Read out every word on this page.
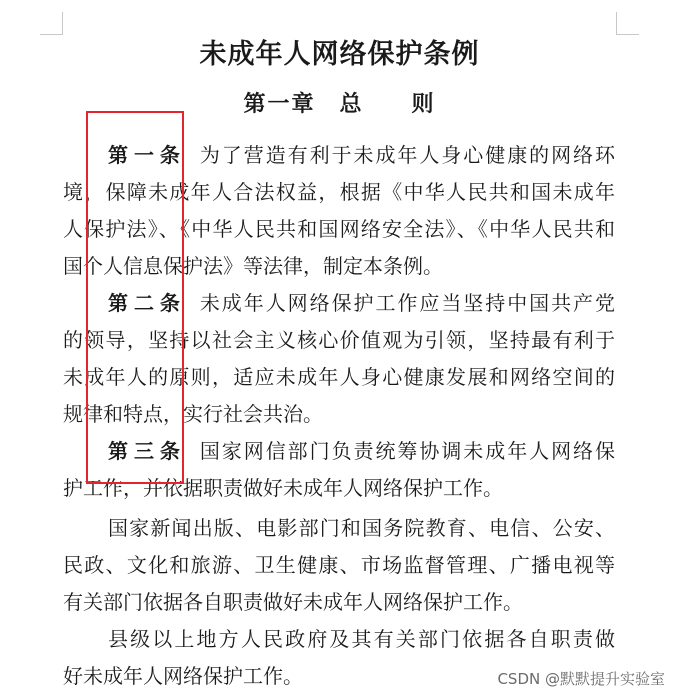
未成年人网络保护条例
第一章　总　　则
第一条 为了营造有利于未成年人身心健康的网络环
境，保障未成年人合法权益，根据《中华人民共和国未成年
人保护法》、《中华人民共和国网络安全法》、《中华人民共和
国个人信息保护法》等法律，制定本条例。
第二条 未成年人网络保护工作应当坚持中国共产党
的领导，坚持以社会主义核心价值观为引领，坚持最有利于
未成年人的原则，适应未成年人身心健康发展和网络空间的
规律和特点，实行社会共治。
第三条 国家网信部门负责统筹协调未成年人网络保
护工作，并依据职责做好未成年人网络保护工作。
国家新闻出版、电影部门和国务院教育、电信、公安、
民政、文化和旅游、卫生健康、市场监督管理、广播电视等
有关部门依据各自职责做好未成年人网络保护工作。
县级以上地方人民政府及其有关部门依据各自职责做
好未成年人网络保护工作。	CSDN @默默提升实验室
